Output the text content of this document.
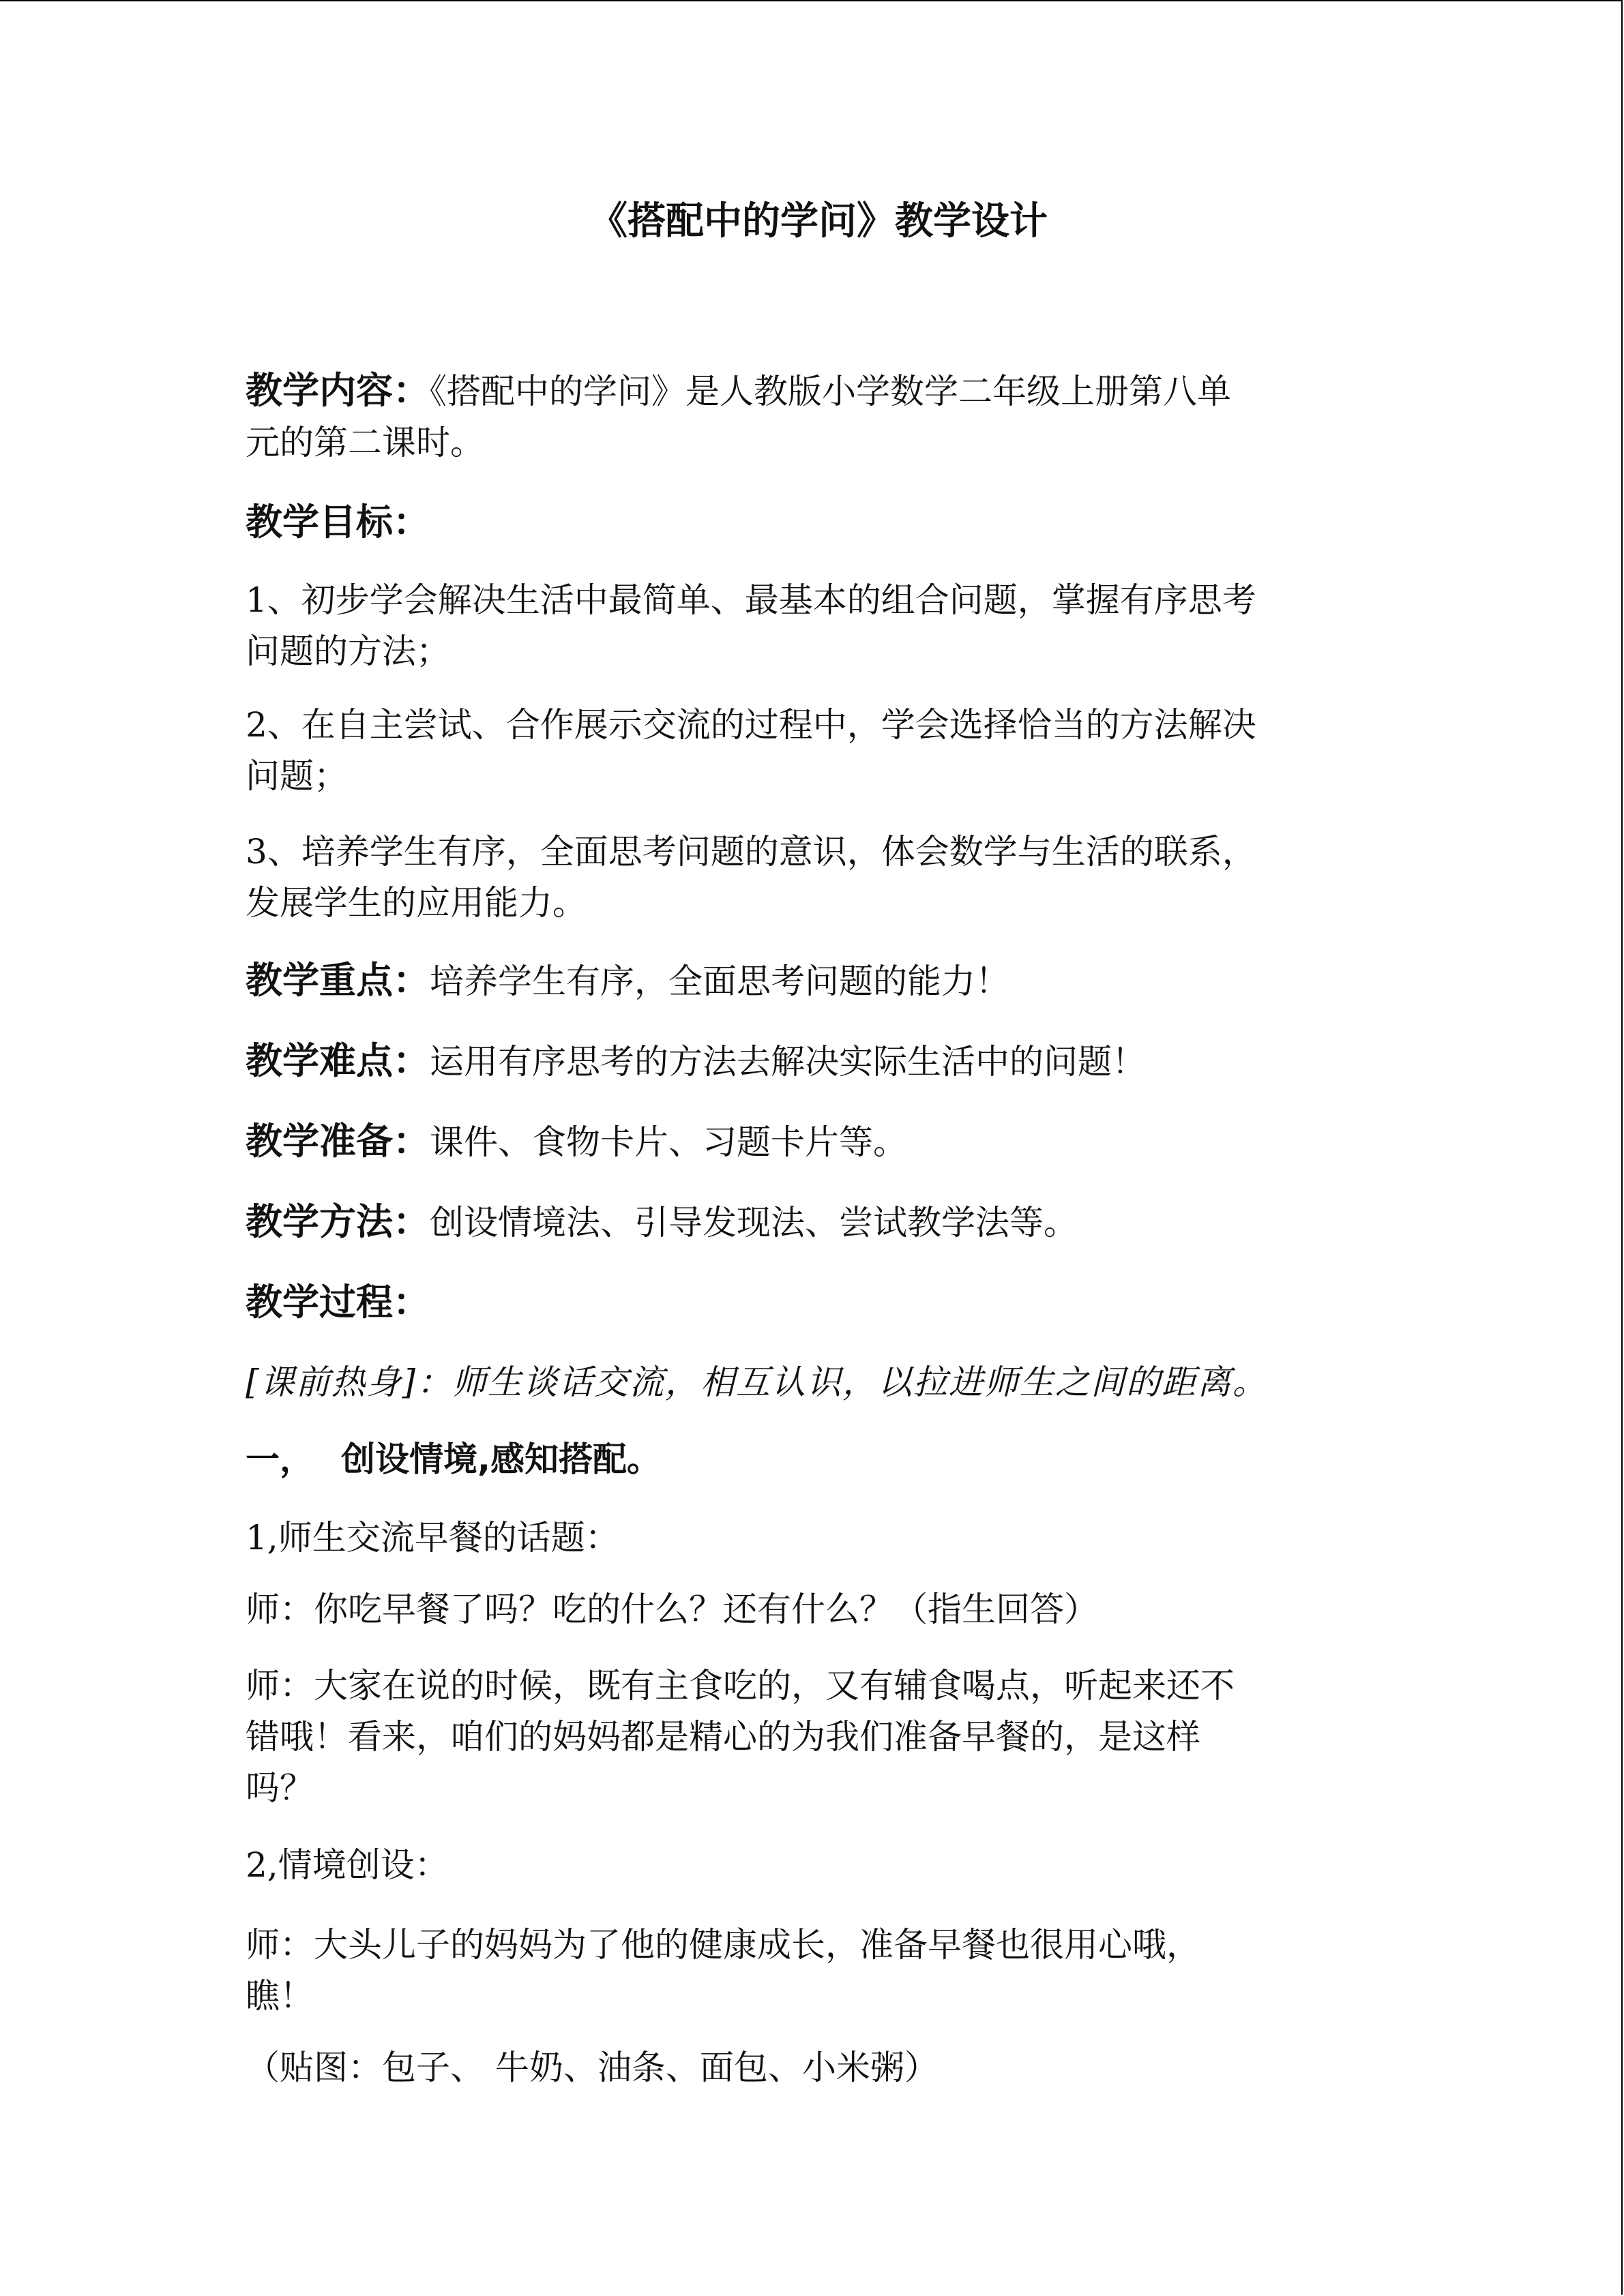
《搭配中的学问》教学设计

教学内容：《搭配中的学问》是人教版小学数学二年级上册第八单
元的第二课时。

教学目标：

1、初步学会解决生活中最简单、最基本的组合问题，掌握有序思考
问题的方法；

2、在自主尝试、合作展示交流的过程中，学会选择恰当的方法解决
问题；

3、培养学生有序，全面思考问题的意识，体会数学与生活的联系，
发展学生的应用能力。

教学重点：培养学生有序，全面思考问题的能力！

教学难点：运用有序思考的方法去解决实际生活中的问题！

教学准备：课件、食物卡片、习题卡片等。

教学方法：创设情境法、引导发现法、尝试教学法等。

教学过程：

[课前热身]：师生谈话交流，相互认识，以拉进师生之间的距离。

一， 创设情境,感知搭配。

1,师生交流早餐的话题：

师：你吃早餐了吗？吃的什么？还有什么？（指生回答）

师：大家在说的时候，既有主食吃的，又有辅食喝点，听起来还不
错哦！看来，咱们的妈妈都是精心的为我们准备早餐的，是这样
吗？

2,情境创设：

师：大头儿子的妈妈为了他的健康成长，准备早餐也很用心哦，
瞧！

（贴图：包子、 牛奶、油条、面包、小米粥）
